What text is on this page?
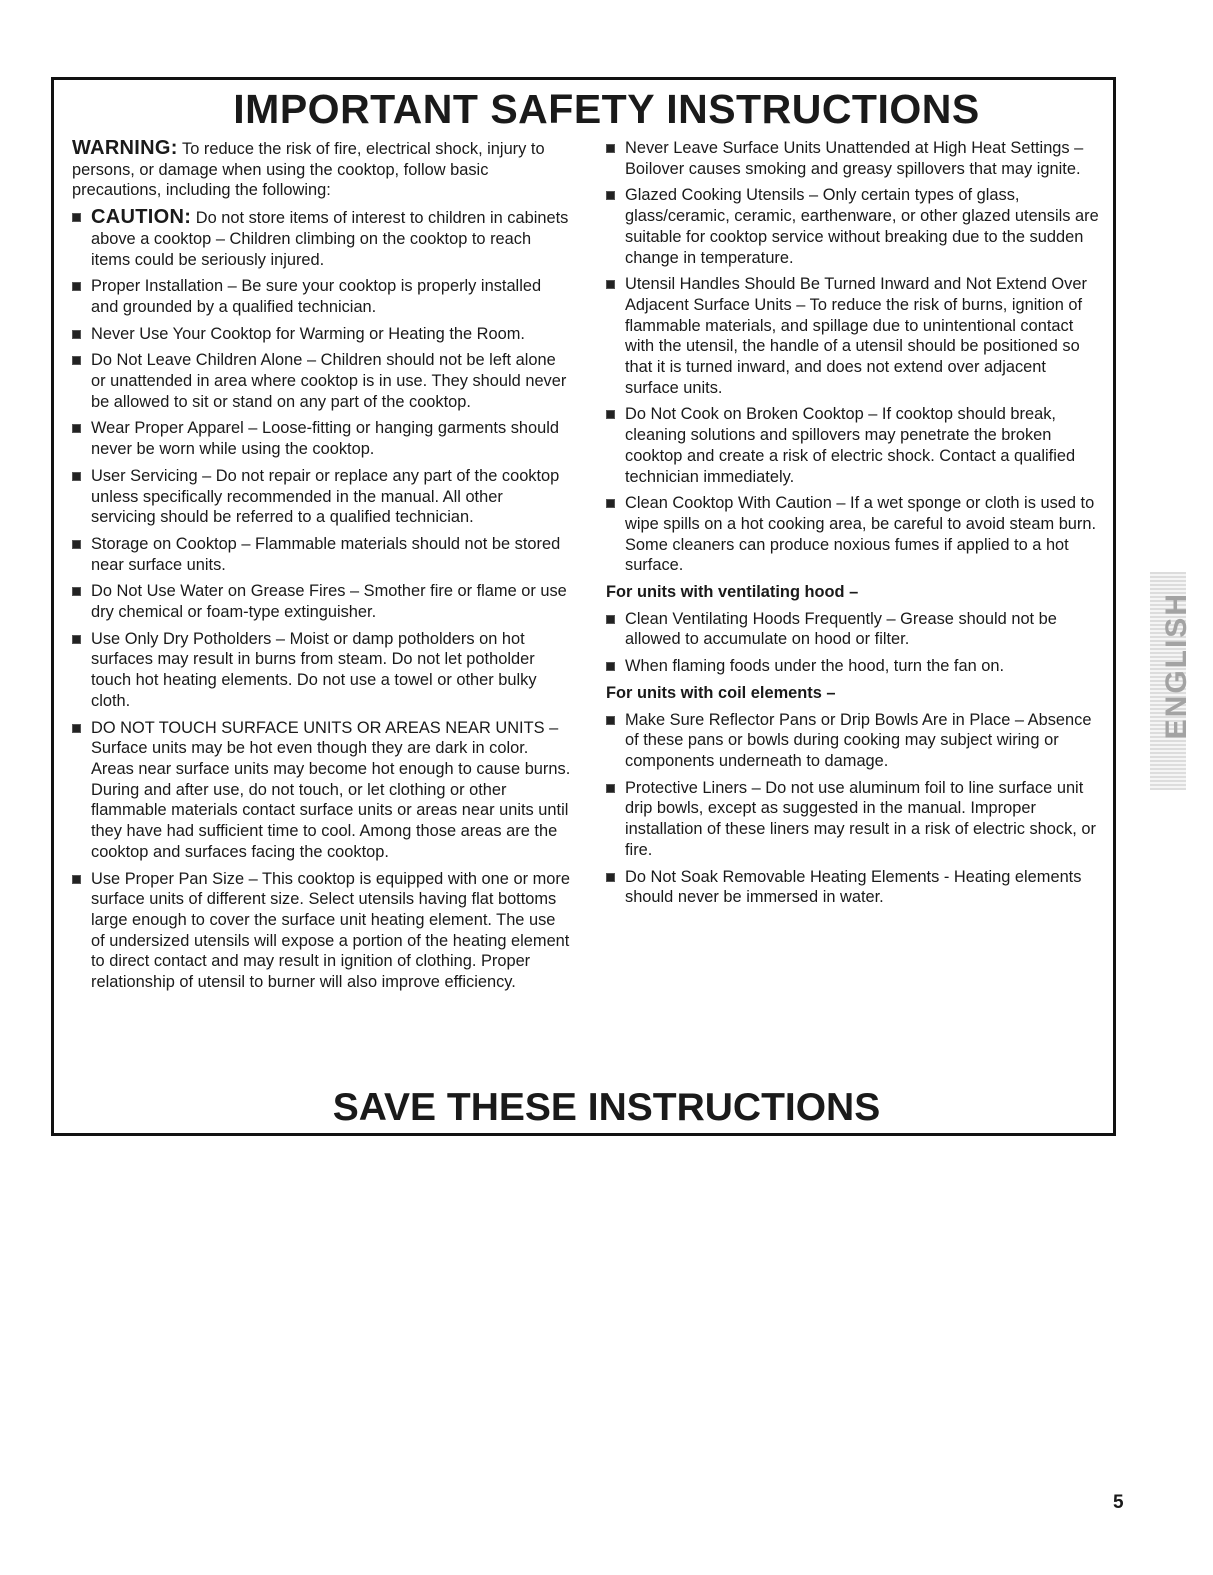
IMPORTANT SAFETY INSTRUCTIONS

WARNING: To reduce the risk of fire, electrical shock, injury to persons, or damage when using the cooktop, follow basic precautions, including the following:

CAUTION: Do not store items of interest to children in cabinets above a cooktop – Children climbing on the cooktop to reach items could be seriously injured.
Proper Installation – Be sure your cooktop is properly installed and grounded by a qualified technician.
Never Use Your Cooktop for Warming or Heating the Room.
Do Not Leave Children Alone – Children should not be left alone or unattended in area where cooktop is in use. They should never be allowed to sit or stand on any part of the cooktop.
Wear Proper Apparel – Loose-fitting or hanging garments should never be worn while using the cooktop.
User Servicing – Do not repair or replace any part of the cooktop unless specifically recommended in the manual. All other servicing should be referred to a qualified technician.
Storage on Cooktop – Flammable materials should not be stored near surface units.
Do Not Use Water on Grease Fires – Smother fire or flame or use dry chemical or foam-type extinguisher.
Use Only Dry Potholders – Moist or damp potholders on hot surfaces may result in burns from steam. Do not let potholder touch hot heating elements. Do not use a towel or other bulky cloth.
DO NOT TOUCH SURFACE UNITS OR AREAS NEAR UNITS – Surface units may be hot even though they are dark in color. Areas near surface units may become hot enough to cause burns. During and after use, do not touch, or let clothing or other flammable materials contact surface units or areas near units until they have had sufficient time to cool. Among those areas are the cooktop and surfaces facing the cooktop.
Use Proper Pan Size – This cooktop is equipped with one or more surface units of different size. Select utensils having flat bottoms large enough to cover the surface unit heating element. The use of undersized utensils will expose a portion of the heating element to direct contact and may result in ignition of clothing. Proper relationship of utensil to burner will also improve efficiency.
Never Leave Surface Units Unattended at High Heat Settings – Boilover causes smoking and greasy spillovers that may ignite.
Glazed Cooking Utensils – Only certain types of glass, glass/ceramic, ceramic, earthenware, or other glazed utensils are suitable for cooktop service without breaking due to the sudden change in temperature.
Utensil Handles Should Be Turned Inward and Not Extend Over Adjacent Surface Units – To reduce the risk of burns, ignition of flammable materials, and spillage due to unintentional contact with the utensil, the handle of a utensil should be positioned so that it is turned inward, and does not extend over adjacent surface units.
Do Not Cook on Broken Cooktop – If cooktop should break, cleaning solutions and spillovers may penetrate the broken cooktop and create a risk of electric shock. Contact a qualified technician immediately.
Clean Cooktop With Caution – If a wet sponge or cloth is used to wipe spills on a hot cooking area, be careful to avoid steam burn. Some cleaners can produce noxious fumes if applied to a hot surface.
For units with ventilating hood –
Clean Ventilating Hoods Frequently – Grease should not be allowed to accumulate on hood or filter.
When flaming foods under the hood, turn the fan on.
For units with coil elements –
Make Sure Reflector Pans or Drip Bowls Are in Place – Absence of these pans or bowls during cooking may subject wiring or components underneath to damage.
Protective Liners – Do not use aluminum foil to line surface unit drip bowls, except as suggested in the manual. Improper installation of these liners may result in a risk of electric shock, or fire.
Do Not Soak Removable Heating Elements - Heating elements should never be immersed in water.
SAVE THESE INSTRUCTIONS
ENGLISH
5
